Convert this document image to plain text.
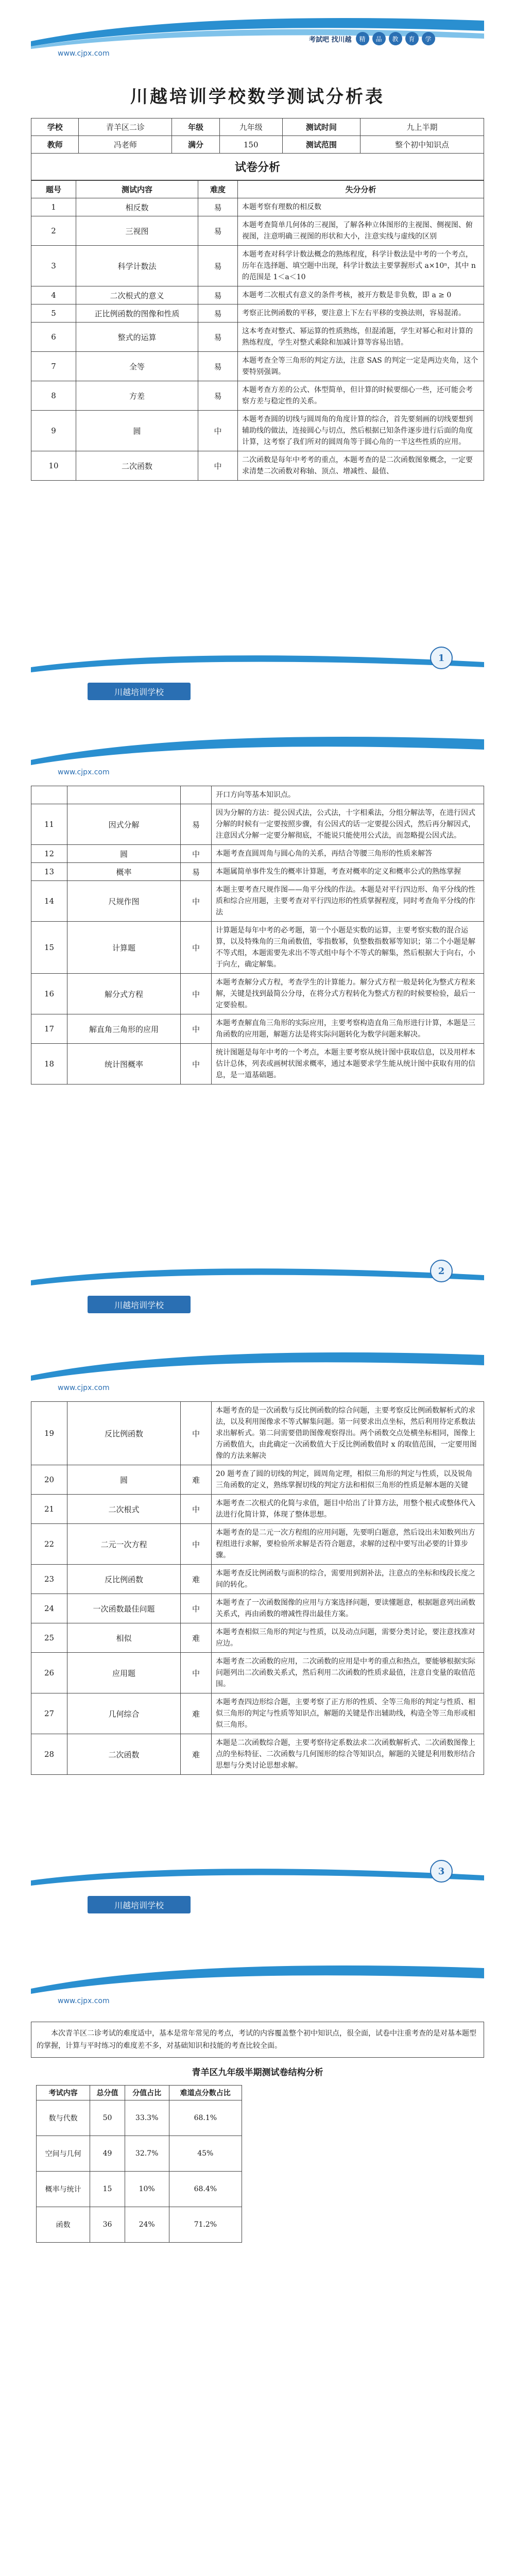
考試吧 找川越	精	品	教	育	学
www.cjpx.com
川越培训学校数学测试分析表
学校	青羊区二诊	年级	九年级	测试时间	九上半期
教师	冯老师	满分	150	测试范围	整个初中知识点
试卷分析					
题号	测试内容	难度	失分分析
1	相反数	易	本题考察有理数的相反数
2	三视图	易	本题考查简单几何体的三视图，了解各种立体图形的主视图、侧视图、俯视图，注意明确三视图的形状和大小，注意实线与虚线的区别
3	科学计数法	易	本题考查对科学计数法概念的熟练程度，科学计数法是中考的一个考点，历年在选择题、填空题中出现，科学计数法主要掌握形式 a×10ⁿ，其中 n 的范围是 1＜a＜10
4	二次根式的意义	易	本题考二次根式有意义的条件考核，被开方数是非负数，即 a ≥ 0
5	正比例函数的图像和性质	易	考察正比例函数的平移，要注意上下左右平移的变换法则，容易混淆。
6	整式的运算	易	这本考查对整式、幂运算的性质熟练，但混淆题，学生对幂心和对计算的熟练程度，学生对整式乘除和加减计算等容易出错。
7	全等	易	本题考查全等三角形的判定方法，注意 SAS 的判定一定是两边夹角，这个要特别强调。
8	方差	易	本题考查方差的公式、体型简单，但计算的时候要细心一些，还可能会考察方差与稳定性的关系。
9	圆	中	本题考查圆的切线与圆周角的角度计算的综合，首先要刻画的切线要想到辅助线的做法，连接圆心与切点，然后根据已知条件逐步进行后面的角度计算，这考察了我们所对的圆周角等于圆心角的一半这些性质的应用。
10	二次函数	中	二次函数是每年中考考的重点，本题考查的是二次函数图象概念，一定要求清楚二次函数对称轴、顶点、增减性、最值、
川越培训学校
1
www.cjpx.com
			开口方向等基本知识点。
11	因式分解	易	因为分解的方法：提公因式法，公式法，十字相乘法，分组分解法等，在进行因式分解的时候有一定要按照步骤，有公因式的话一定要提公因式，然后再分解因式，注意因式分解一定要分解彻底，不能说只能使用公式法，而忽略提公因式法。
12	圆	中	本题考查直圆周角与圆心角的关系，再结合等腰三角形的性质来解答
13	概率	易	本题属简单事件发生的概率计算题，考查对概率的定义和概率公式的熟练掌握
14	尺规作图	中	本题主要考查尺规作图——角平分线的作法。本题是对平行四边形、角平分线的性质和综合应用题，主要考查对平行四边形的性质掌握程度，同时考查角平分线的作法
15	计算题	中	计算题是每年中考的必考题，第一个小题是实数的运算，主要考察实数的混合运算，以及特殊角的三角函数值，零指数幂，负整数指数幂等知识；第二个小题是解不等式组，本题需要先求出不等式组中每个不等式的解集，然后根据大于向右，小于向左，确定解集。
16	解分式方程	中	本题考查解分式方程，考查学生的计算能力。解分式方程一般是转化为整式方程来解，关键是找到最简公分母，在将分式方程转化为整式方程的时候要检验，最后一定要验根。
17	解直角三角形的应用	中	本题考查解直角三角形的实际应用，主要考察构造直角三角形进行计算，本题是三角函数的应用题，解题方法是将实际问题转化为数学问题来解决。
18	统计图概率	中	统计图题是每年中考的一个考点，本题主要考察从统计图中获取信息，以及用样本估计总体，列表或画树状图求概率，通过本题要求学生能从统计图中获取有用的信息，是一道基础题。
川越培训学校
2
www.cjpx.com
19	反比例函数	中	本题考查的是一次函数与反比例函数的综合问题，主要考察反比例函数解析式的求法，以及利用图像求不等式解集问题。第一问要求出点坐标，然后利用待定系数法求出解析式。第二问需要借助图像观察得出。两个函数交点处横坐标相同，图像上方函数值大，由此确定一次函数值大于反比例函数值时 x 的取值范围，一定要用图像的方法来解决
20	圆	难	20 题考查了圆的切线的判定，圆周角定理，相似三角形的判定与性质，以及锐角三角函数的定义，熟练掌握切线的判定方法和相似三角形的性质是解本题的关键
21	二次根式	中	本题考查二次根式的化简与求值，题目中给出了计算方法，用整个根式或整体代入法进行化简计算，体现了整体思想。
22	二元一次方程	中	本题考查的是二元一次方程组的应用问题，先要明白题意，然后设出未知数列出方程组进行求解，要检验所求解是否符合题意，求解的过程中要写出必要的计算步骤。
23	反比例函数	难	本题考查反比例函数与面积的综合，需要用到割补法，注意点的坐标和线段长度之间的转化。
24	一次函数最佳问题	中	本题考查了一次函数图像的应用与方案选择问题，要读懂题意，根据题意列出函数关系式，再由函数的增减性得出最佳方案。
25	相似	难	本题考查相似三角形的判定与性质，以及动点问题，需要分类讨论，要注意找准对应边。
26	应用题	中	本题考查二次函数的应用，二次函数的应用是中考的重点和热点，要能够根据实际问题列出二次函数关系式，然后利用二次函数的性质求最值，注意自变量的取值范围。
27	几何综合	难	本题考查四边形综合题，主要考察了正方形的性质、全等三角形的判定与性质、相似三角形的判定与性质等知识点，解题的关键是作出辅助线，构造全等三角形或相似三角形。
28	二次函数	难	本题是二次函数综合题，主要考察待定系数法求二次函数解析式、二次函数图像上点的坐标特征、二次函数与几何图形的综合等知识点，解题的关键是利用数形结合思想与分类讨论思想求解。
川越培训学校
3
www.cjpx.com

本次青羊区二诊考试的难度适中，基本是常年常见的考点，考试的内容覆盖整个初中知识点，很全面，试卷中注重考查的是对基本题型的掌握，计算与平时练习的难度差不多，对基础知识和技能的考查比较全面。

青羊区九年级半期测试卷结构分析
考试内容	总分值	分值占比	难道点分数占比
数与代数	50	33.3%	68.1%
空间与几何	49	32.7%	45%
概率与统计	15	10%	68.4%
函数	36	24%	71.2%
